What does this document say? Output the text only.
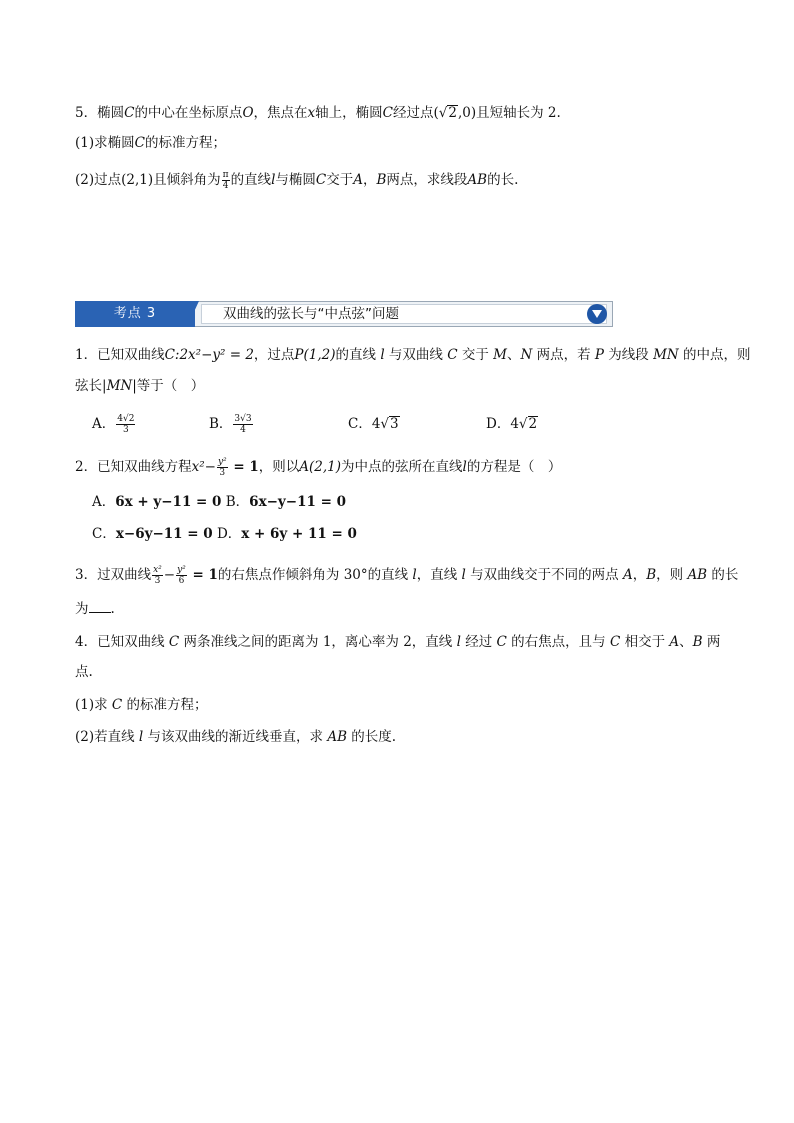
5．椭圆C的中心在坐标原点O，焦点在x轴上，椭圆C经过点(√2,0)且短轴长为 2.
(1)求椭圆C的标准方程；
(2)过点(2,1)且倾斜角为 $\frac{\pi}{4}$ 的直线l与椭圆C交于A，B两点，求线段AB的长.
考点 3	双曲线的弦长与“中点弦”问题
1．已知双曲线C:2x²−y² = 2，过点P(1,2)的直线 l 与双曲线 C 交于 M、N 两点，若 P 为线段 MN 的中点，则
弦长|MN|等于（　）
A． $\frac{4√2}{3}$	B． $\frac{3√3}{4}$	C．4√3	D．4√2
2．已知双曲线方程$x^2- \frac{\text{y²}}{3} = 1$，则以A(2,1)为中点的弦所在直线l的方程是（　）
A．6x + y−11 = 0 B．6x−y−11 = 0
C．x−6y−11 = 0 D．x + 6y + 11 = 0
3．过双曲线 $\frac{\text{x²}}{3} - \frac{\text{y²}}{6} = 1$的右焦点作倾斜角为 30°的直线 l，直线 l 与双曲线交于不同的两点 A，B，则 AB 的长
为 .
4．已知双曲线 C 两条准线之间的距离为 1，离心率为 2，直线 l 经过 C 的右焦点，且与 C 相交于 A、B 两
点.
(1)求 C 的标准方程；
(2)若直线 l 与该双曲线的渐近线垂直，求 AB 的长度.
